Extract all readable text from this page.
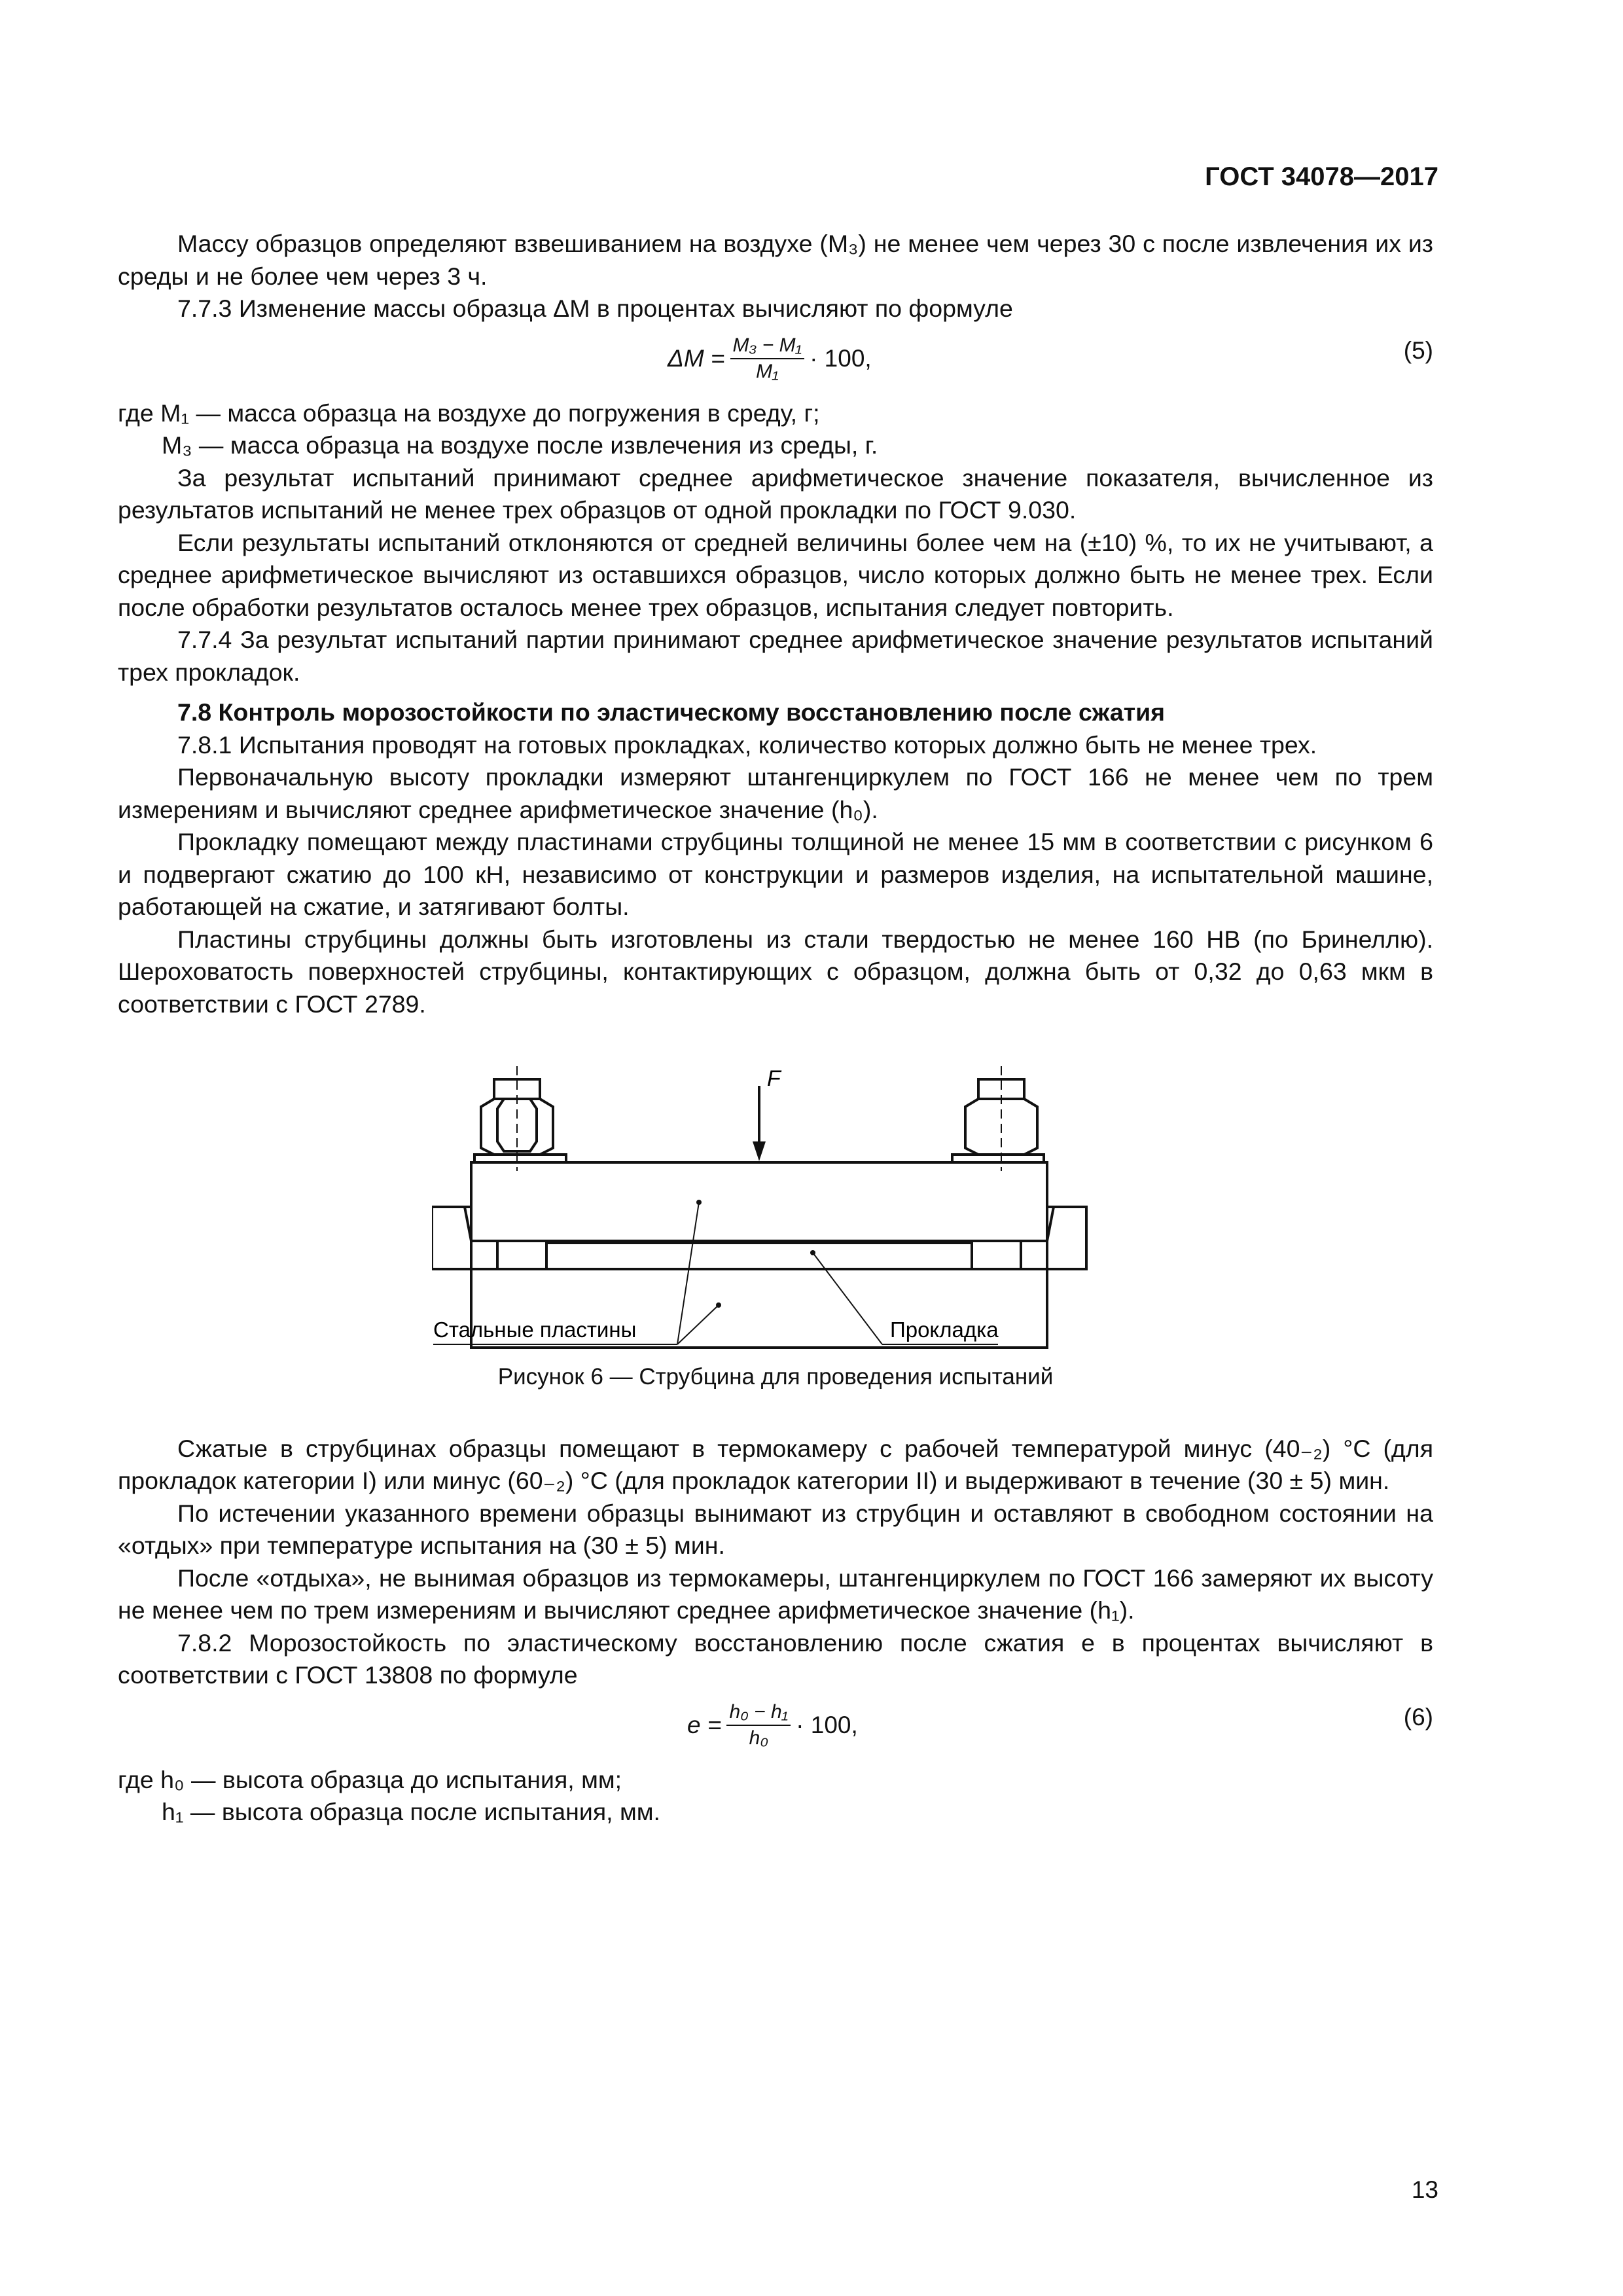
ГОСТ 34078—2017

Массу образцов определяют взвешиванием на воздухе (M₃) не менее чем через 30 с после извлечения их из среды и не более чем через 3 ч.

7.7.3 Изменение массы образца ΔM в процентах вычисляют по формуле

$\Delta M = \frac{\text{M₃ − M₁}}{\text{M₁}} \cdot 100$,	(5)

где M₁ — масса образца на воздухе до погружения в среду, г;

M₃ — масса образца на воздухе после извлечения из среды, г.

За результат испытаний принимают среднее арифметическое значение показателя, вычисленное из результатов испытаний не менее трех образцов от одной прокладки по ГОСТ 9.030.

Если результаты испытаний отклоняются от средней величины более чем на (±10) %, то их не учитывают, а среднее арифметическое вычисляют из оставшихся образцов, число которых должно быть не менее трех. Если после обработки результатов осталось менее трех образцов, испытания следует повторить.

7.7.4 За результат испытаний партии принимают среднее арифметическое значение результатов испытаний трех прокладок.

7.8 Контроль морозостойкости по эластическому восстановлению после сжатия

7.8.1 Испытания проводят на готовых прокладках, количество которых должно быть не менее трех.

Первоначальную высоту прокладки измеряют штангенциркулем по ГОСТ 166 не менее чем по трем измерениям и вычисляют среднее арифметическое значение (h₀).

Прокладку помещают между пластинами струбцины толщиной не менее 15 мм в соответствии с рисунком 6 и подвергают сжатию до 100 кН, независимо от конструкции и размеров изделия, на испытательной машине, работающей на сжатие, и затягивают болты.

Пластины струбцины должны быть изготовлены из стали твердостью не менее 160 НВ (по Бринеллю). Шероховатость поверхностей струбцины, контактирующих с образцом, должна быть от 0,32 до 0,63 мкм в соответствии с ГОСТ 2789.

F
Стальные пластины	Прокладка

Рисунок 6 — Струбцина для проведения испытаний

Сжатые в струбцинах образцы помещают в термокамеру с рабочей температурой минус (40₋₂) °С (для прокладок категории I) или минус (60₋₂) °С (для прокладок категории II) и выдерживают в течение (30 ± 5) мин.

По истечении указанного времени образцы вынимают из струбцин и оставляют в свободном состоянии на «отдых» при температуре испытания на (30 ± 5) мин.

После «отдыха», не вынимая образцов из термокамеры, штангенциркулем по ГОСТ 166 замеряют их высоту не менее чем по трем измерениям и вычисляют среднее арифметическое значение (h₁).

7.8.2 Морозостойкость по эластическому восстановлению после сжатия e в процентах вычисляют в соответствии с ГОСТ 13808 по формуле

$e = \frac{\text{h₀ − h₁}}{\text{h₀}} \cdot 100$,	(6)

где h₀ — высота образца до испытания, мм;

h₁ — высота образца после испытания, мм.

13
